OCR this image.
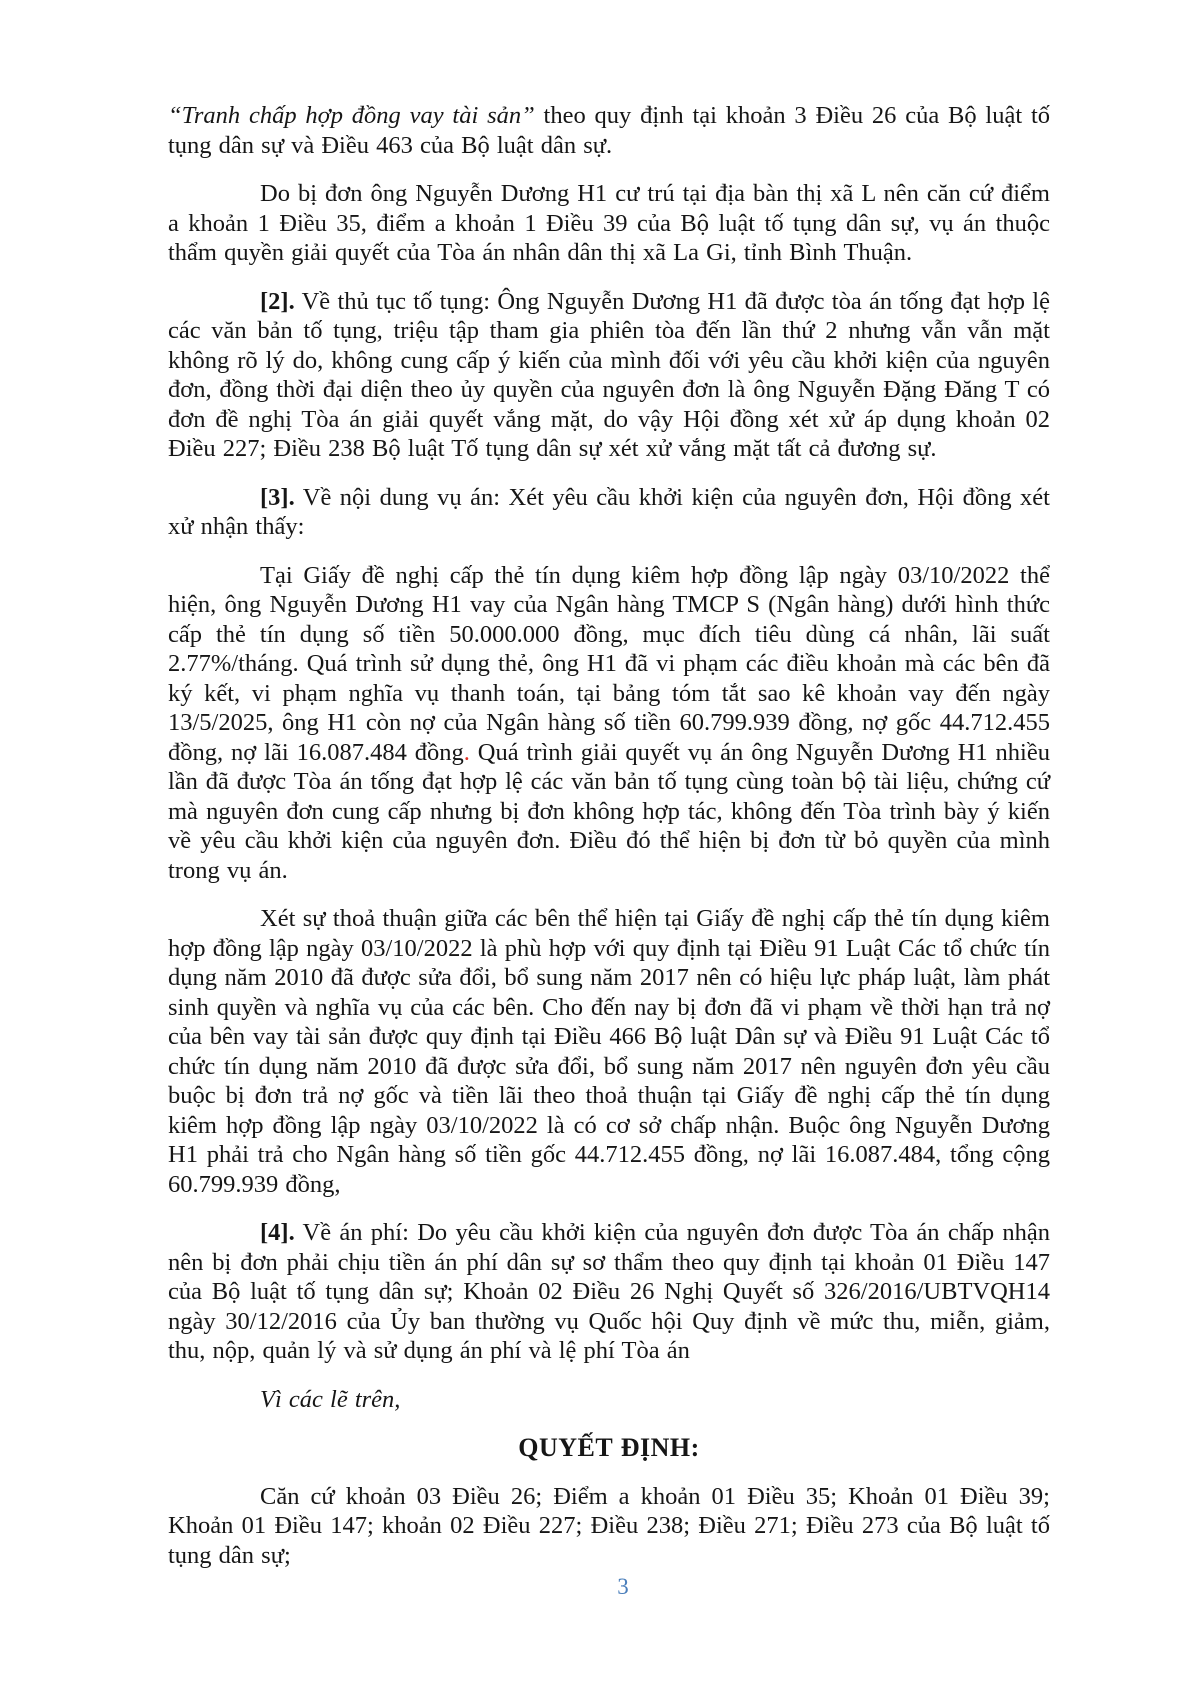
“Tranh chấp hợp đồng vay tài sản” theo quy định tại khoản 3 Điều 26 của Bộ luật tố tụng dân sự và Điều 463 của Bộ luật dân sự.

Do bị đơn ông Nguyễn Dương H1 cư trú tại địa bàn thị xã L nên căn cứ điểm a khoản 1 Điều 35, điểm a khoản 1 Điều 39 của Bộ luật tố tụng dân sự, vụ án thuộc thẩm quyền giải quyết của Tòa án nhân dân thị xã La Gi, tỉnh Bình Thuận.

[2]. Về thủ tục tố tụng: Ông Nguyễn Dương H1 đã được tòa án tống đạt hợp lệ các văn bản tố tụng, triệu tập tham gia phiên tòa đến lần thứ 2 nhưng vẫn vẫn mặt không rõ lý do, không cung cấp ý kiến của mình đối với yêu cầu khởi kiện của nguyên đơn, đồng thời đại diện theo ủy quyền của nguyên đơn là ông Nguyễn Đặng Đăng T có đơn đề nghị Tòa án giải quyết vắng mặt, do vậy Hội đồng xét xử áp dụng khoản 02 Điều 227; Điều 238 Bộ luật Tố tụng dân sự xét xử vắng mặt tất cả đương sự.

[3]. Về nội dung vụ án: Xét yêu cầu khởi kiện của nguyên đơn, Hội đồng xét xử nhận thấy:

Tại Giấy đề nghị cấp thẻ tín dụng kiêm hợp đồng lập ngày 03/10/2022 thể hiện, ông Nguyễn Dương H1 vay của Ngân hàng TMCP S (Ngân hàng) dưới hình thức cấp thẻ tín dụng số tiền 50.000.000 đồng, mục đích tiêu dùng cá nhân, lãi suất 2.77%/tháng. Quá trình sử dụng thẻ, ông H1 đã vi phạm các điều khoản mà các bên đã ký kết, vi phạm nghĩa vụ thanh toán, tại bảng tóm tắt sao kê khoản vay đến ngày 13/5/2025, ông H1 còn nợ của Ngân hàng số tiền 60.799.939 đồng, nợ gốc 44.712.455 đồng, nợ lãi 16.087.484 đồng. Quá trình giải quyết vụ án ông Nguyễn Dương H1 nhiều lần đã được Tòa án tống đạt hợp lệ các văn bản tố tụng cùng toàn bộ tài liệu, chứng cứ mà nguyên đơn cung cấp nhưng bị đơn không hợp tác, không đến Tòa trình bày ý kiến về yêu cầu khởi kiện của nguyên đơn. Điều đó thể hiện bị đơn từ bỏ quyền của mình trong vụ án.

Xét sự thoả thuận giữa các bên thể hiện tại Giấy đề nghị cấp thẻ tín dụng kiêm hợp đồng lập ngày 03/10/2022 là phù hợp với quy định tại Điều 91 Luật Các tổ chức tín dụng năm 2010 đã được sửa đổi, bổ sung năm 2017 nên có hiệu lực pháp luật, làm phát sinh quyền và nghĩa vụ của các bên. Cho đến nay bị đơn đã vi phạm về thời hạn trả nợ của bên vay tài sản được quy định tại Điều 466 Bộ luật Dân sự và Điều 91 Luật Các tổ chức tín dụng năm 2010 đã được sửa đổi, bổ sung năm 2017 nên nguyên đơn yêu cầu buộc bị đơn trả nợ gốc và tiền lãi theo thoả thuận tại Giấy đề nghị cấp thẻ tín dụng kiêm hợp đồng lập ngày 03/10/2022 là có cơ sở chấp nhận. Buộc ông Nguyễn Dương H1 phải trả cho Ngân hàng số tiền gốc 44.712.455 đồng, nợ lãi 16.087.484, tổng cộng 60.799.939 đồng,

[4]. Về án phí: Do yêu cầu khởi kiện của nguyên đơn được Tòa án chấp nhận nên bị đơn phải chịu tiền án phí dân sự sơ thẩm theo quy định tại khoản 01 Điều 147 của Bộ luật tố tụng dân sự; Khoản 02 Điều 26 Nghị Quyết số 326/2016/UBTVQH14 ngày 30/12/2016 của Ủy ban thường vụ Quốc hội Quy định về mức thu, miễn, giảm, thu, nộp, quản lý và sử dụng án phí và lệ phí Tòa án

Vì các lẽ trên,

QUYẾT ĐỊNH:

Căn cứ khoản 03 Điều 26; Điểm a khoản 01 Điều 35; Khoản 01 Điều 39; Khoản 01 Điều 147; khoản 02 Điều 227; Điều 238; Điều 271; Điều 273 của Bộ luật tố tụng dân sự;

3
